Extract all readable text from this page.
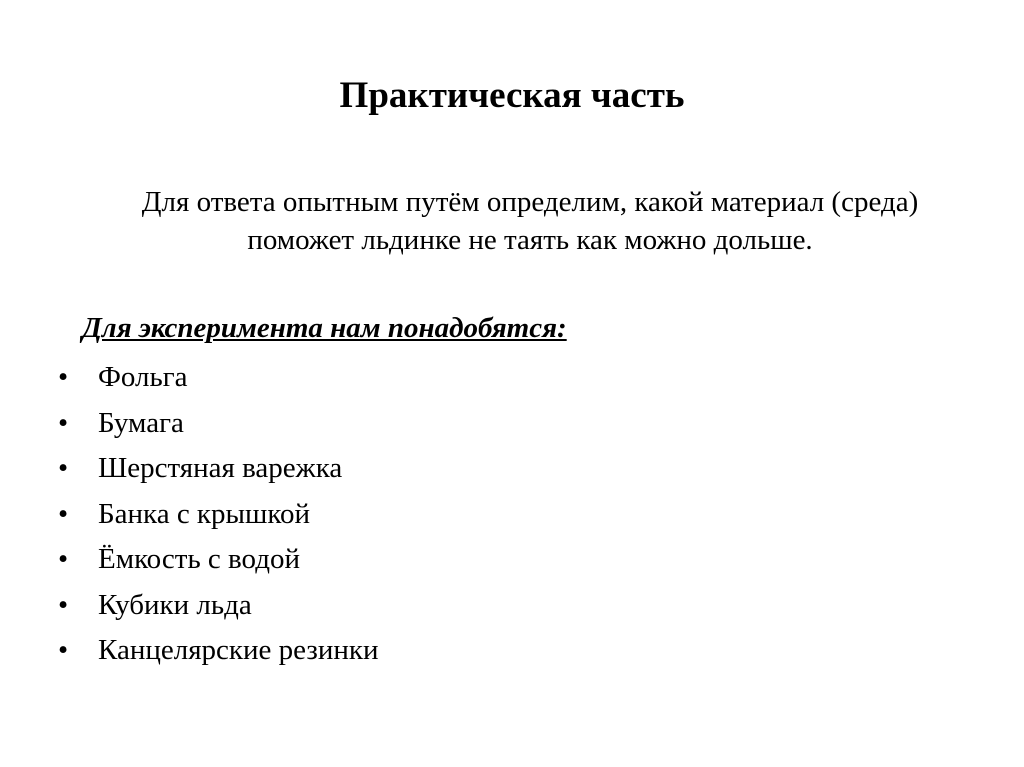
Практическая часть
Для ответа опытным путём определим, какой материал (среда) поможет льдинке не таять как можно дольше.
Для эксперимента нам понадобятся:
•	Фольга
•	Бумага
•	Шерстяная варежка
•	Банка с крышкой
•	Ёмкость с водой
•	Кубики льда
•	Канцелярские резинки
